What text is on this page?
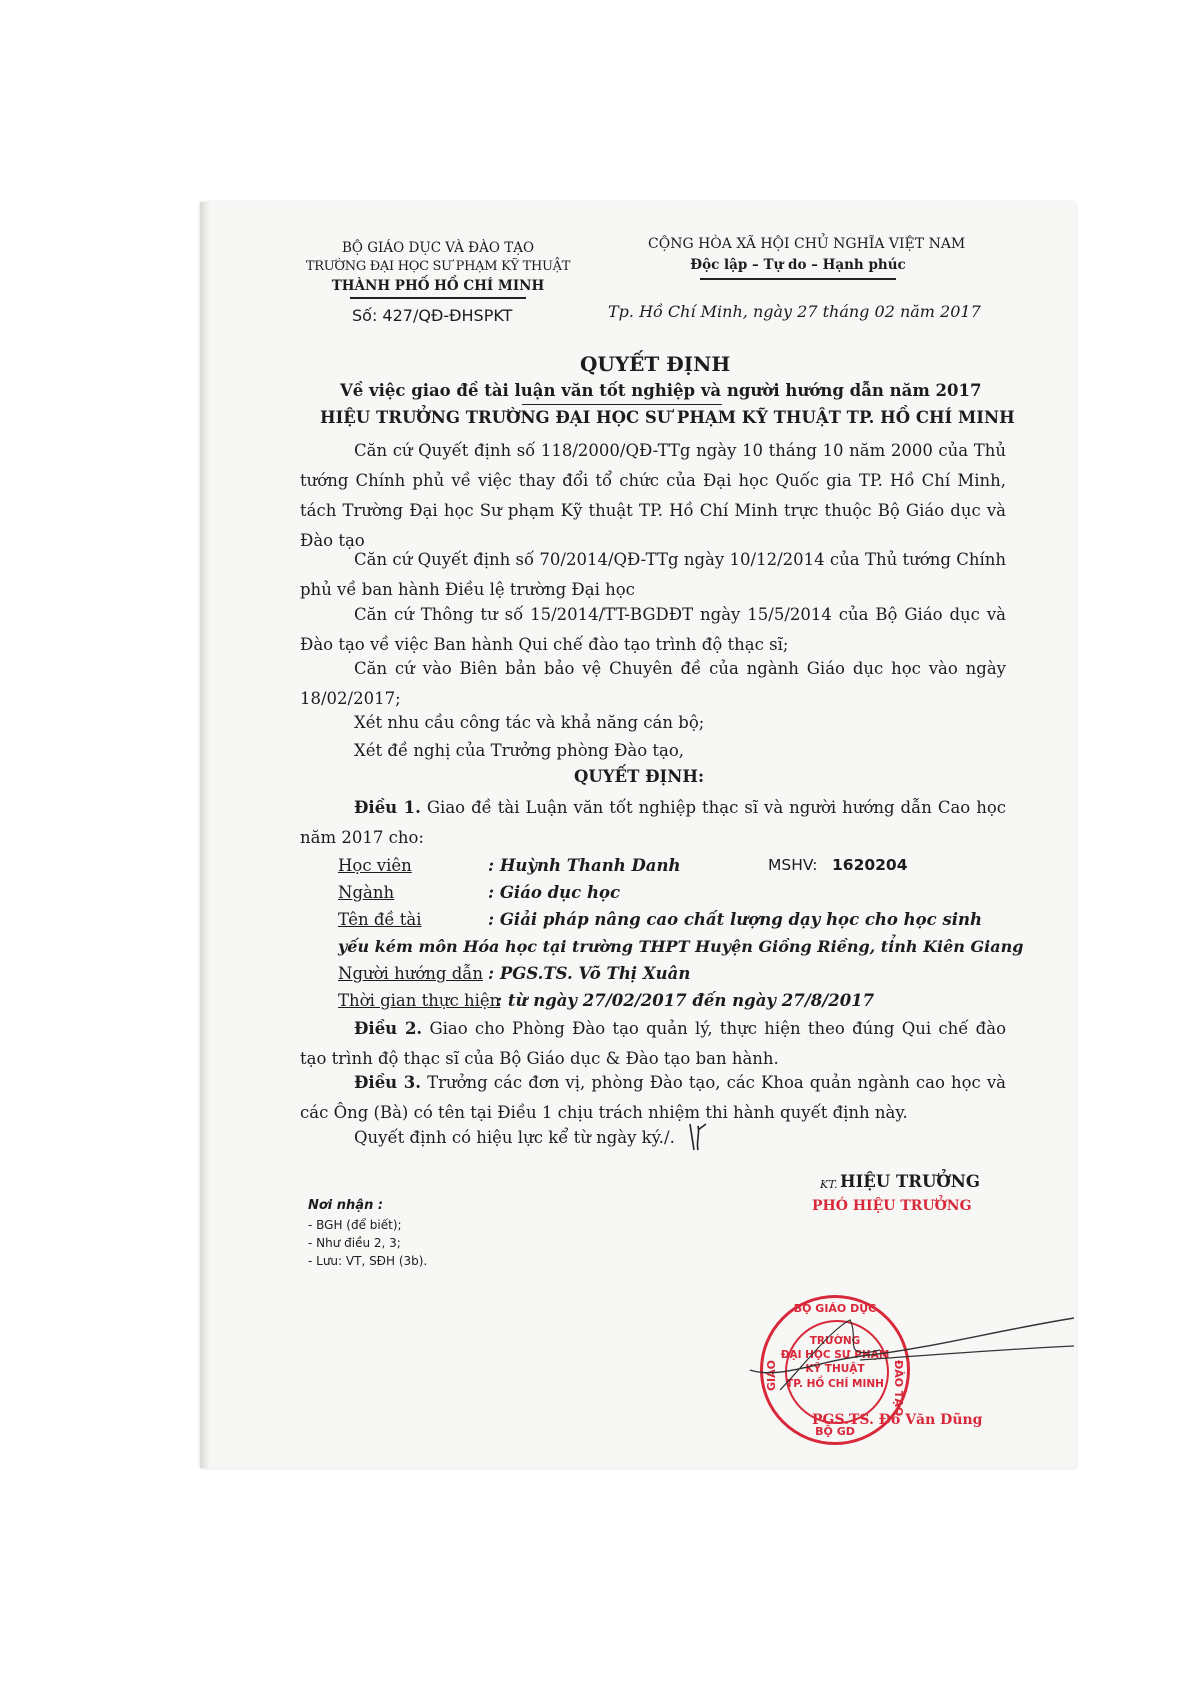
BỘ GIÁO DỤC VÀ ĐÀO TẠO
TRƯỜNG ĐẠI HỌC SƯ PHẠM KỸ THUẬT
THÀNH PHỐ HỒ CHÍ MINH
Số: 427/QĐ-ĐHSPKT
CỘNG HÒA XÃ HỘI CHỦ NGHĨA VIỆT NAM
Độc lập – Tự do – Hạnh phúc
Tp. Hồ Chí Minh, ngày 27 tháng 02 năm 2017
QUYẾT ĐỊNH
Về việc giao đề tài luận văn tốt nghiệp và người hướng dẫn năm 2017
HIỆU TRƯỞNG TRƯỜNG ĐẠI HỌC SƯ PHẠM KỸ THUẬT TP. HỒ CHÍ MINH
Căn cứ Quyết định số 118/2000/QĐ-TTg ngày 10 tháng 10 năm 2000 của Thủ tướng Chính phủ về việc thay đổi tổ chức của Đại học Quốc gia TP. Hồ Chí Minh, tách Trường Đại học Sư phạm Kỹ thuật TP. Hồ Chí Minh trực thuộc Bộ Giáo dục và Đào tạo
Căn cứ Quyết định số 70/2014/QĐ-TTg ngày 10/12/2014 của Thủ tướng Chính phủ về ban hành Điều lệ trường Đại học
Căn cứ Thông tư số 15/2014/TT-BGDĐT ngày 15/5/2014 của Bộ Giáo dục và Đào tạo về việc Ban hành Qui chế đào tạo trình độ thạc sĩ;
Căn cứ vào Biên bản bảo vệ Chuyên đề của ngành Giáo dục học vào ngày 18/02/2017;
Xét nhu cầu công tác và khả năng cán bộ;
Xét đề nghị của Trưởng phòng Đào tạo,
QUYẾT ĐỊNH:
Điều 1. Giao đề tài Luận văn tốt nghiệp thạc sĩ và người hướng dẫn Cao học năm 2017 cho:
Học viên	: Huỳnh Thanh Danh	MSHV: 1620204
Ngành	: Giáo dục học
Tên đề tài	: Giải pháp nâng cao chất lượng dạy học cho học sinh
yếu kém môn Hóa học tại trường THPT Huyện Giồng Riềng, tỉnh Kiên Giang
Người hướng dẫn : PGS.TS. Võ Thị Xuân
Thời gian thực hiện
: từ ngày 27/02/2017 đến ngày 27/8/2017
Điều 2. Giao cho Phòng Đào tạo quản lý, thực hiện theo đúng Qui chế đào tạo trình độ thạc sĩ của Bộ Giáo dục & Đào tạo ban hành.
Điều 3. Trưởng các đơn vị, phòng Đào tạo, các Khoa quản ngành cao học và các Ông (Bà) có tên tại Điều 1 chịu trách nhiệm thi hành quyết định này.
Quyết định có hiệu lực kể từ ngày ký./.
Nơi nhận :
- BGH (để biết);
- Như điều 2, 3;
- Lưu: VT, SĐH (3b).
KT. HIỆU TRƯỞNG
PHÓ HIỆU TRƯỞNG
BỘ GIÁO DỤC
GIÁO	ĐÀO TẠO
BỘ GD
TRƯỜNG
ĐẠI HỌC SƯ PHẠM
KỸ THUẬT
TP. HỒ CHÍ MINH
PGS.TS. Đỗ Văn Dũng
